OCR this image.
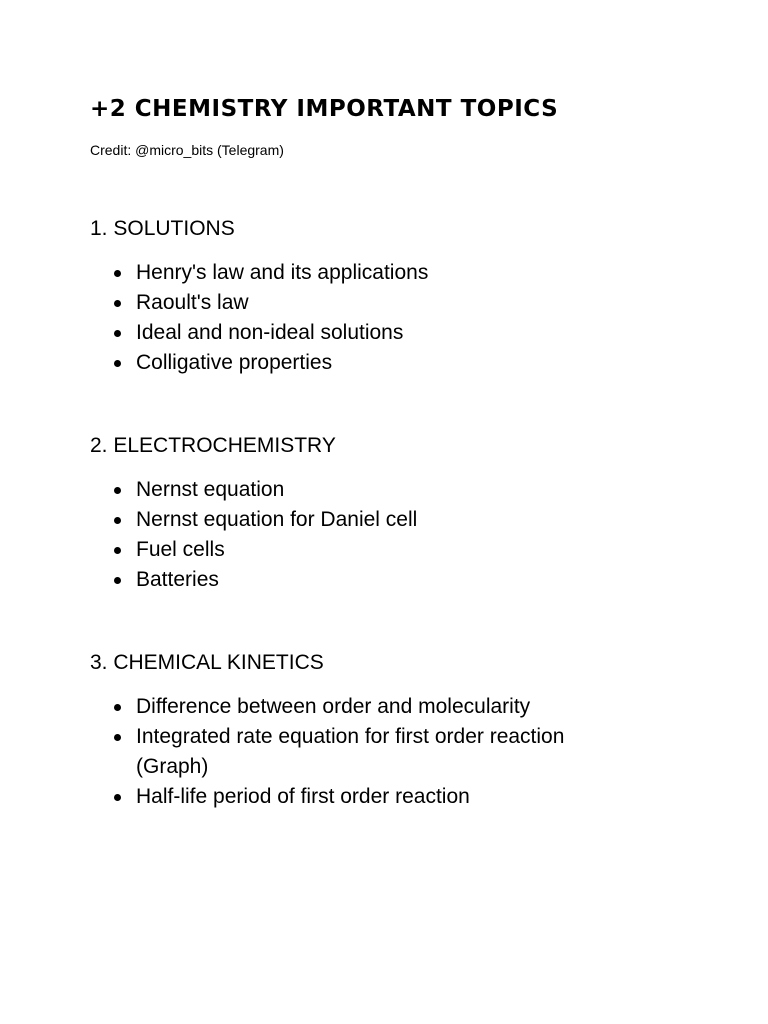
+2 CHEMISTRY IMPORTANT TOPICS

Credit: @micro_bits (Telegram)

1. SOLUTIONS
Henry's law and its applications
Raoult's law
Ideal and non-ideal solutions
Colligative properties
2. ELECTROCHEMISTRY
Nernst equation
Nernst equation for Daniel cell
Fuel cells
Batteries
3. CHEMICAL KINETICS
Difference between order and molecularity
Integrated rate equation for first order reaction (Graph)
Half-life period of first order reaction
